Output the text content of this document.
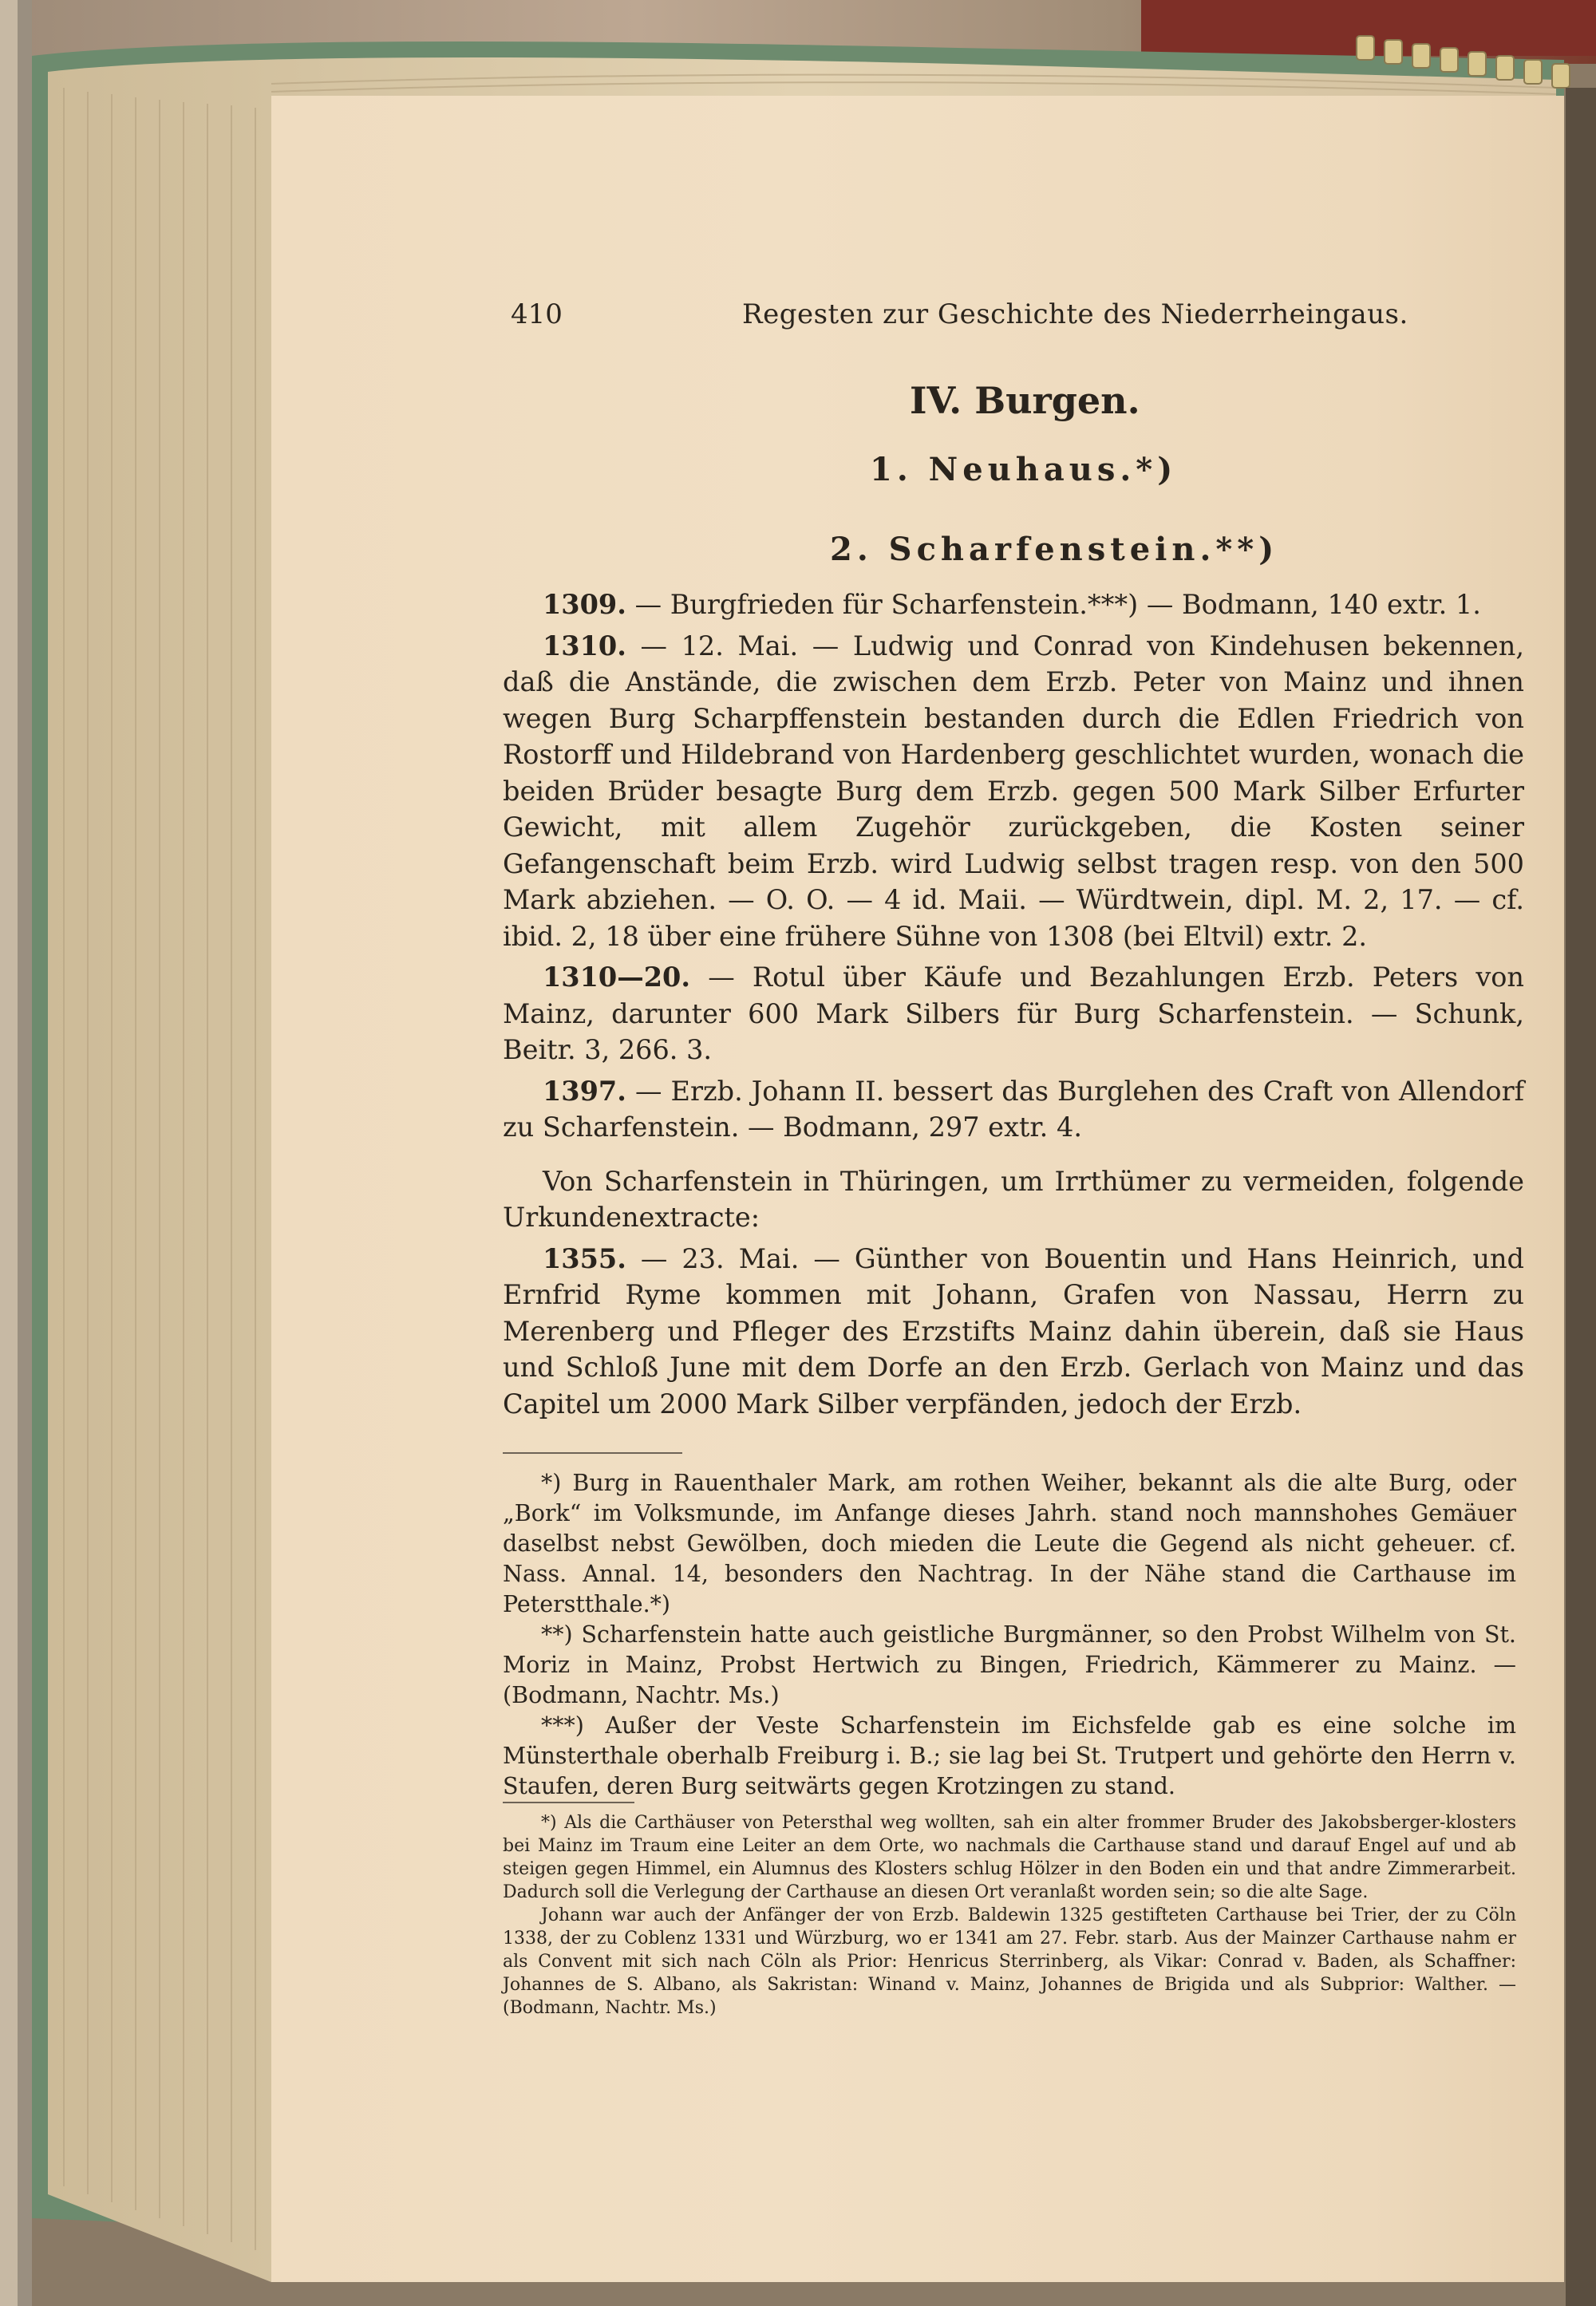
410	Regesten zur Geschichte des Niederrheingaus.
IV. Burgen.
1. Neuhaus.*)
2. Scharfenstein.**)

1309. — Burgfrieden für Scharfenstein.***) — Bodmann, 140 extr. 1.

1310. — 12. Mai. — Ludwig und Conrad von Kindehusen bekennen, daß die Anstände, die zwischen dem Erzb. Peter von Mainz und ihnen wegen Burg Scharpffenstein bestanden durch die Edlen Friedrich von Rostorff und Hildebrand von Hardenberg geschlichtet wurden, wonach die beiden Brüder besagte Burg dem Erzb. gegen 500 Mark Silber Erfurter Gewicht, mit allem Zugehör zurückgeben, die Kosten seiner Gefangenschaft beim Erzb. wird Ludwig selbst tragen resp. von den 500 Mark abziehen. — O. O. — 4 id. Maii. — Würdtwein, dipl. M. 2, 17. — cf. ibid. 2, 18 über eine frühere Sühne von 1308 (bei Eltvil) extr. 2.

1310—20. — Rotul über Käufe und Bezahlungen Erzb. Peters von Mainz, darunter 600 Mark Silbers für Burg Scharfenstein. — Schunk, Beitr. 3, 266. 3.

1397. — Erzb. Johann II. bessert das Burglehen des Craft von Allendorf zu Scharfenstein. — Bodmann, 297 extr. 4.

Von Scharfenstein in Thüringen, um Irrthümer zu vermeiden, folgende Urkundenextracte:

1355. — 23. Mai. — Günther von Bouentin und Hans Heinrich, und Ernfrid Ryme kommen mit Johann, Grafen von Nassau, Herrn zu Merenberg und Pfleger des Erzstifts Mainz dahin überein, daß sie Haus und Schloß June mit dem Dorfe an den Erzb. Gerlach von Mainz und das Capitel um 2000 Mark Silber verpfänden, jedoch der Erzb.

*) Burg in Rauenthaler Mark, am rothen Weiher, bekannt als die alte Burg, oder „Bork“ im Volksmunde, im Anfange dieses Jahrh. stand noch mannshohes Gemäuer daselbst nebst Gewölben, doch mieden die Leute die Gegend als nicht geheuer. cf. Nass. Annal. 14, besonders den Nachtrag. In der Nähe stand die Carthause im Peterstthale.*)

**) Scharfenstein hatte auch geistliche Burgmänner, so den Probst Wilhelm von St. Moriz in Mainz, Probst Hertwich zu Bingen, Friedrich, Kämmerer zu Mainz. — (Bodmann, Nachtr. Ms.)

***) Außer der Veste Scharfenstein im Eichsfelde gab es eine solche im Münsterthale oberhalb Freiburg i. B.; sie lag bei St. Trutpert und gehörte den Herrn v. Staufen, deren Burg seitwärts gegen Krotzingen zu stand.

*) Als die Carthäuser von Petersthal weg wollten, sah ein alter frommer Bruder des Jakobsberger-klosters bei Mainz im Traum eine Leiter an dem Orte, wo nachmals die Carthause stand und darauf Engel auf und ab steigen gegen Himmel, ein Alumnus des Klosters schlug Hölzer in den Boden ein und that andre Zimmerarbeit. Dadurch soll die Verlegung der Carthause an diesen Ort veranlaßt worden sein; so die alte Sage.

Johann war auch der Anfänger der von Erzb. Baldewin 1325 gestifteten Carthause bei Trier, der zu Cöln 1338, der zu Coblenz 1331 und Würzburg, wo er 1341 am 27. Febr. starb. Aus der Mainzer Carthause nahm er als Convent mit sich nach Cöln als Prior: Henricus Sterrinberg, als Vikar: Conrad v. Baden, als Schaffner: Johannes de S. Albano, als Sakristan: Winand v. Mainz, Johannes de Brigida und als Subprior: Walther. — (Bodmann, Nachtr. Ms.)
